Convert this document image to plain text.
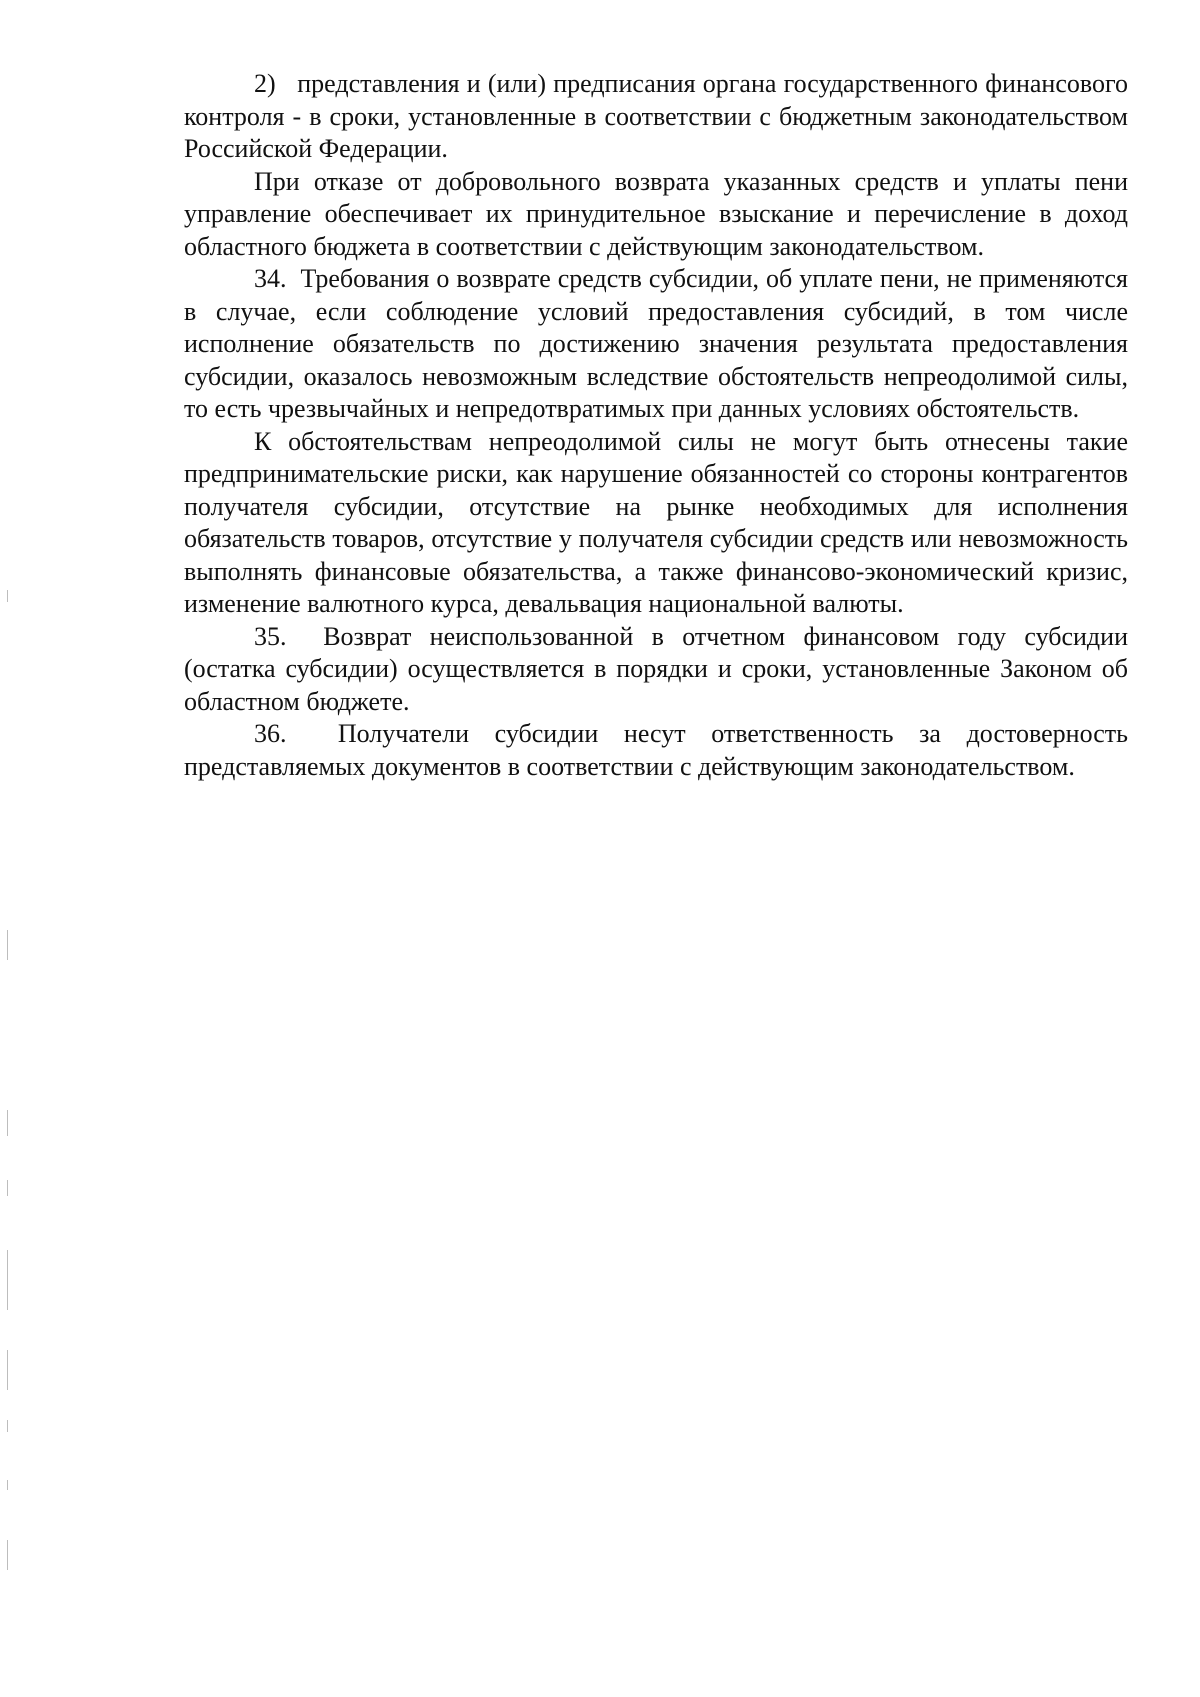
2)   представления и (или) предписания органа государственного финансового контроля - в сроки, установленные в соответствии с бюджетным законодательством Российской Федерации.

При отказе от добровольного возврата указанных средств и уплаты пени управление обеспечивает их принудительное взыскание и перечисление в доход областного бюджета в соответствии с действующим законодательством.

34.  Требования о возврате средств субсидии, об уплате пени, не применяются в случае, если соблюдение условий предоставления субсидий, в том числе исполнение обязательств по достижению значения результата предоставления субсидии, оказалось невозможным вследствие обстоятельств непреодолимой силы, то есть чрезвычайных и непредотвратимых при данных условиях обстоятельств.

К обстоятельствам непреодолимой силы не могут быть отнесены такие предпринимательские риски, как нарушение обязанностей со стороны контрагентов получателя субсидии, отсутствие на рынке необходимых для исполнения обязательств товаров, отсутствие у получателя субсидии средств или невозможность выполнять финансовые обязательства, а также финансово-экономический кризис, изменение валютного курса, девальвация национальной валюты.

35.  Возврат неиспользованной в отчетном финансовом году субсидии (остатка субсидии) осуществляется в порядки и сроки, установленные Законом об областном бюджете.

36.  Получатели субсидии несут ответственность за достоверность представляемых документов в соответствии с действующим законодательством.
